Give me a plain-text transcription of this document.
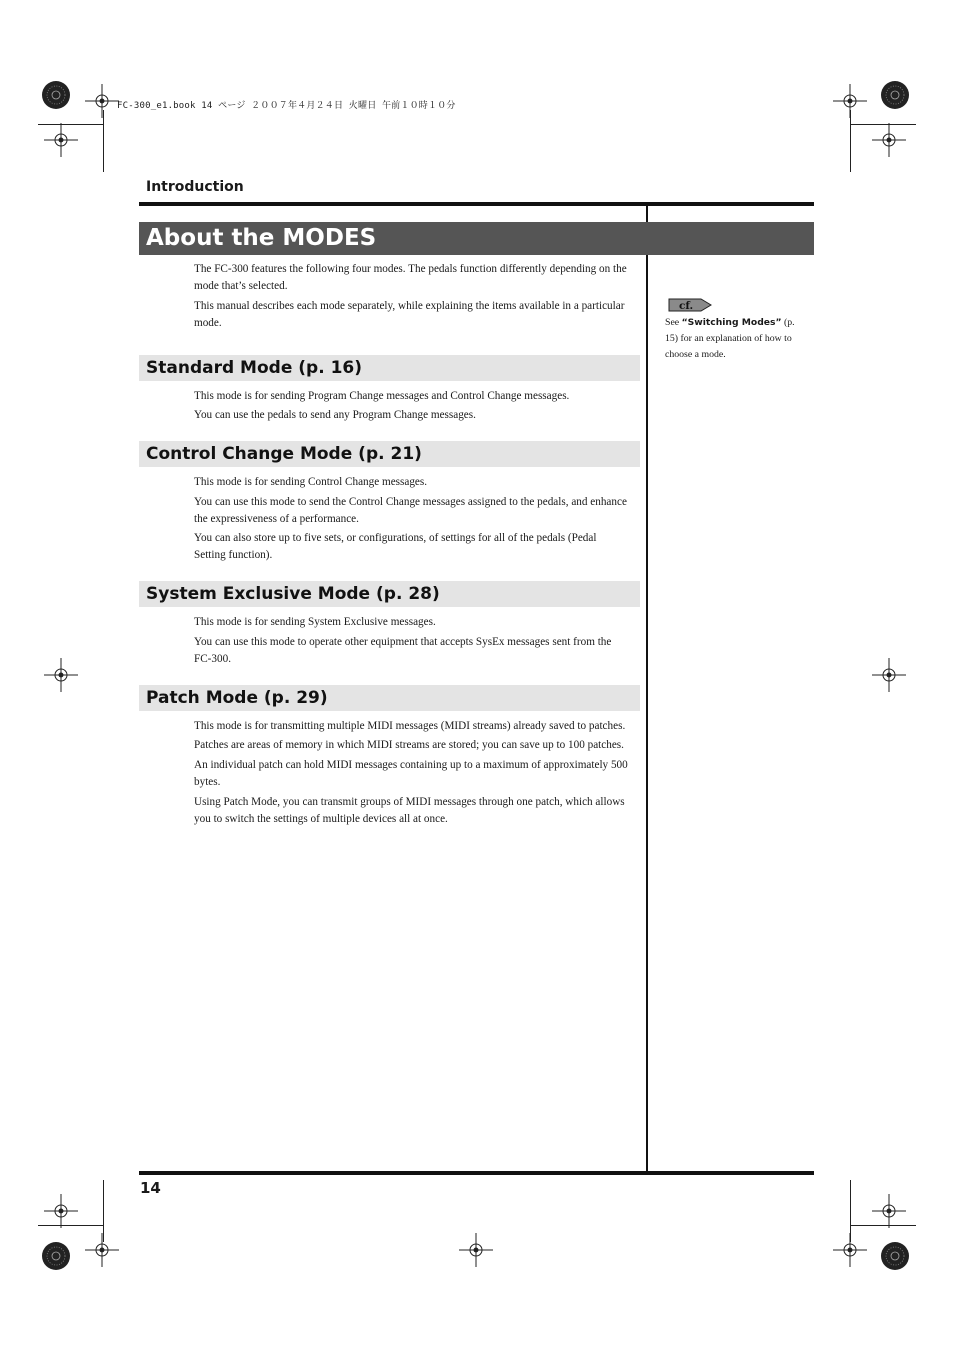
FC-300_e1.book 14 ページ ２００７年４月２４日 火曜日 午前１０時１０分
Introduction
About the MODES

The FC-300 features the following four modes. The pedals function differently depending on the mode that’s selected.

This manual describes each mode separately, while explaining the items available in a particular mode.

Standard Mode (p. 16)

This mode is for sending Program Change messages and Control Change messages.

You can use the pedals to send any Program Change messages.

Control Change Mode (p. 21)

This mode is for sending Control Change messages.

You can use this mode to send the Control Change messages assigned to the pedals, and enhance the expressiveness of a performance.

You can also store up to five sets, or configurations, of settings for all of the pedals (Pedal Setting function).

System Exclusive Mode (p. 28)

This mode is for sending System Exclusive messages.

You can use this mode to operate other equipment that accepts SysEx messages sent from the FC-300.

Patch Mode (p. 29)

This mode is for transmitting multiple MIDI messages (MIDI streams) already saved to patches.

Patches are areas of memory in which MIDI streams are stored; you can save up to 100 patches.

An individual patch can hold MIDI messages containing up to a maximum of approximately 500 bytes.

Using Patch Mode, you can transmit groups of MIDI messages through one patch, which allows you to switch the settings of multiple devices all at once.

cf.
See “Switching Modes” (p. 15) for an explanation of how to choose a mode.
14
